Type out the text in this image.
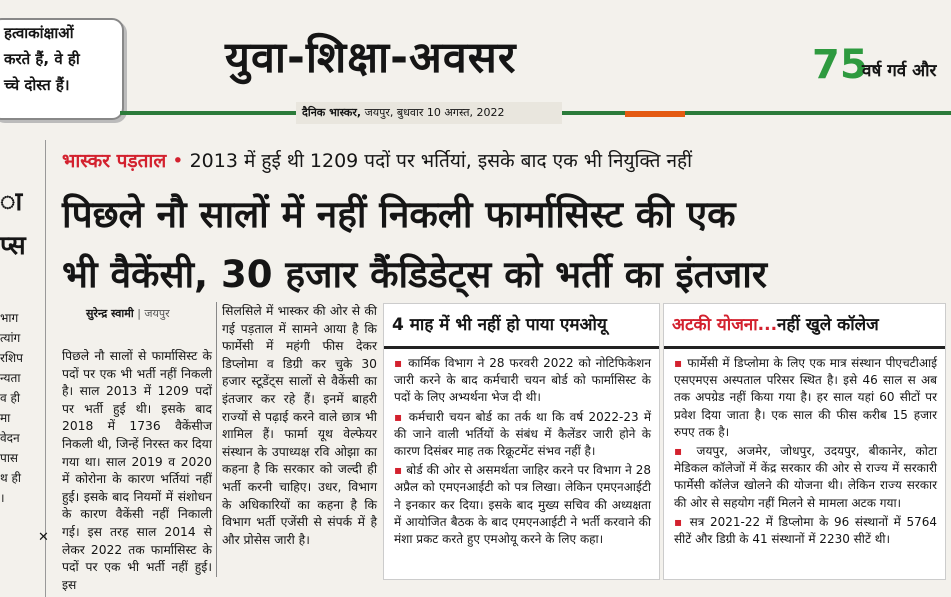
हत्वाकांक्षाओं
करते हैं, वे ही
च्चे दोस्त हैं।
युवा-शिक्षा-अवसर	75
वर्ष गर्व और
दैनिक भास्कर, जयपुर, बुधवार 10 अगस्त, 2022
ा
प्स
भाग
त्यांग
रशिप
न्यता
व ही
मा
वेदन
पास
थ ही
।
✕
भास्कर पड़ताल • 2013 में हुई थी 1209 पदों पर भर्तियां, इसके बाद एक भी नियुक्ति नहीं
पिछले नौ सालों में नहीं निकली फार्मासिस्ट की एक
भी वैकेंसी, 30 हजार कैंडिडेट्स को भर्ती का इंतजार
सुरेन्द्र स्वामी | जयपुर
पिछले नौ सालों से फार्मासिस्ट के पदों पर एक भी भर्ती नहीं निकली है। साल 2013 में 1209 पदों पर भर्ती हुई थी। इसके बाद 2018 में 1736 वैकेंसीज निकली थी, जिन्हें निरस्त कर दिया गया था। साल 2019 व 2020 में कोरोना के कारण भर्तियां नहीं हुई। इसके बाद नियमों में संशोधन के कारण वैकेंसी नहीं निकाली गई। इस तरह साल 2014 से लेकर 2022 तक फार्मासिस्ट के पदों पर एक भी भर्ती नहीं हुई। इस
सिलसिले में भास्कर की ओर से की गई पड़ताल में सामने आया है कि फार्मेसी में महंगी फीस देकर डिप्लोमा व डिग्री कर चुके 30 हजार स्टूडेंट्स सालों से वैकेंसी का इंतजार कर रहे हैं। इनमें बाहरी राज्यों से पढ़ाई करने वाले छात्र भी शामिल हैं। फार्मा यूथ वेल्फेयर संस्थान के उपाध्यक्ष रवि ओझा का कहना है कि सरकार को जल्दी ही भर्ती करनी चाहिए। उधर, विभाग के अधिकारियों का कहना है कि विभाग भर्ती एजेंसी से संपर्क में है और प्रोसेस जारी है।
4 माह में भी नहीं हो पाया एमओयू

▪ कार्मिक विभाग ने 28 फरवरी 2022 को नोटिफिकेशन जारी करने के बाद कर्मचारी चयन बोर्ड को फार्मासिस्ट के पदों के लिए अभ्यर्थना भेज दी थी।

▪ कर्मचारी चयन बोर्ड का तर्क था कि वर्ष 2022-23 में की जाने वाली भर्तियों के संबंध में कैलेंडर जारी होने के कारण दिसंबर माह तक रिक्रूटमेंट संभव नहीं है।

▪ बोर्ड की ओर से असमर्थता जाहिर करने पर विभाग ने 28 अप्रैल को एमएनआईटी को पत्र लिखा। लेकिन एमएनआईटी ने इनकार कर दिया। इसके बाद मुख्य सचिव की अध्यक्षता में आयोजित बैठक के बाद एमएनआईटी ने भर्ती करवाने की मंशा प्रकट करते हुए एमओयू करने के लिए कहा।

अटकी योजना...नहीं खुले कॉलेज

▪ फार्मेसी में डिप्लोमा के लिए एक मात्र संस्थान पीएचटीआई एसएमएस अस्पताल परिसर स्थित है। इसे 46 साल स अब तक अपग्रेड नहीं किया गया है। हर साल यहां 60 सीटों पर प्रवेश दिया जाता है। एक साल की फीस करीब 15 हजार रुपए तक है।

▪ जयपुर, अजमेर, जोधपुर, उदयपुर, बीकानेर, कोटा मेडिकल कॉलेजों में केंद्र सरकार की ओर से राज्य में सरकारी फार्मेसी कॉलेज खोलने की योजना थी। लेकिन राज्य सरकार की ओर से सहयोग नहीं मिलने से मामला अटक गया।

▪ सत्र 2021-22 में डिप्लोमा के 96 संस्थानों में 5764 सीटें और डिग्री के 41 संस्थानों में 2230 सीटें थी।
